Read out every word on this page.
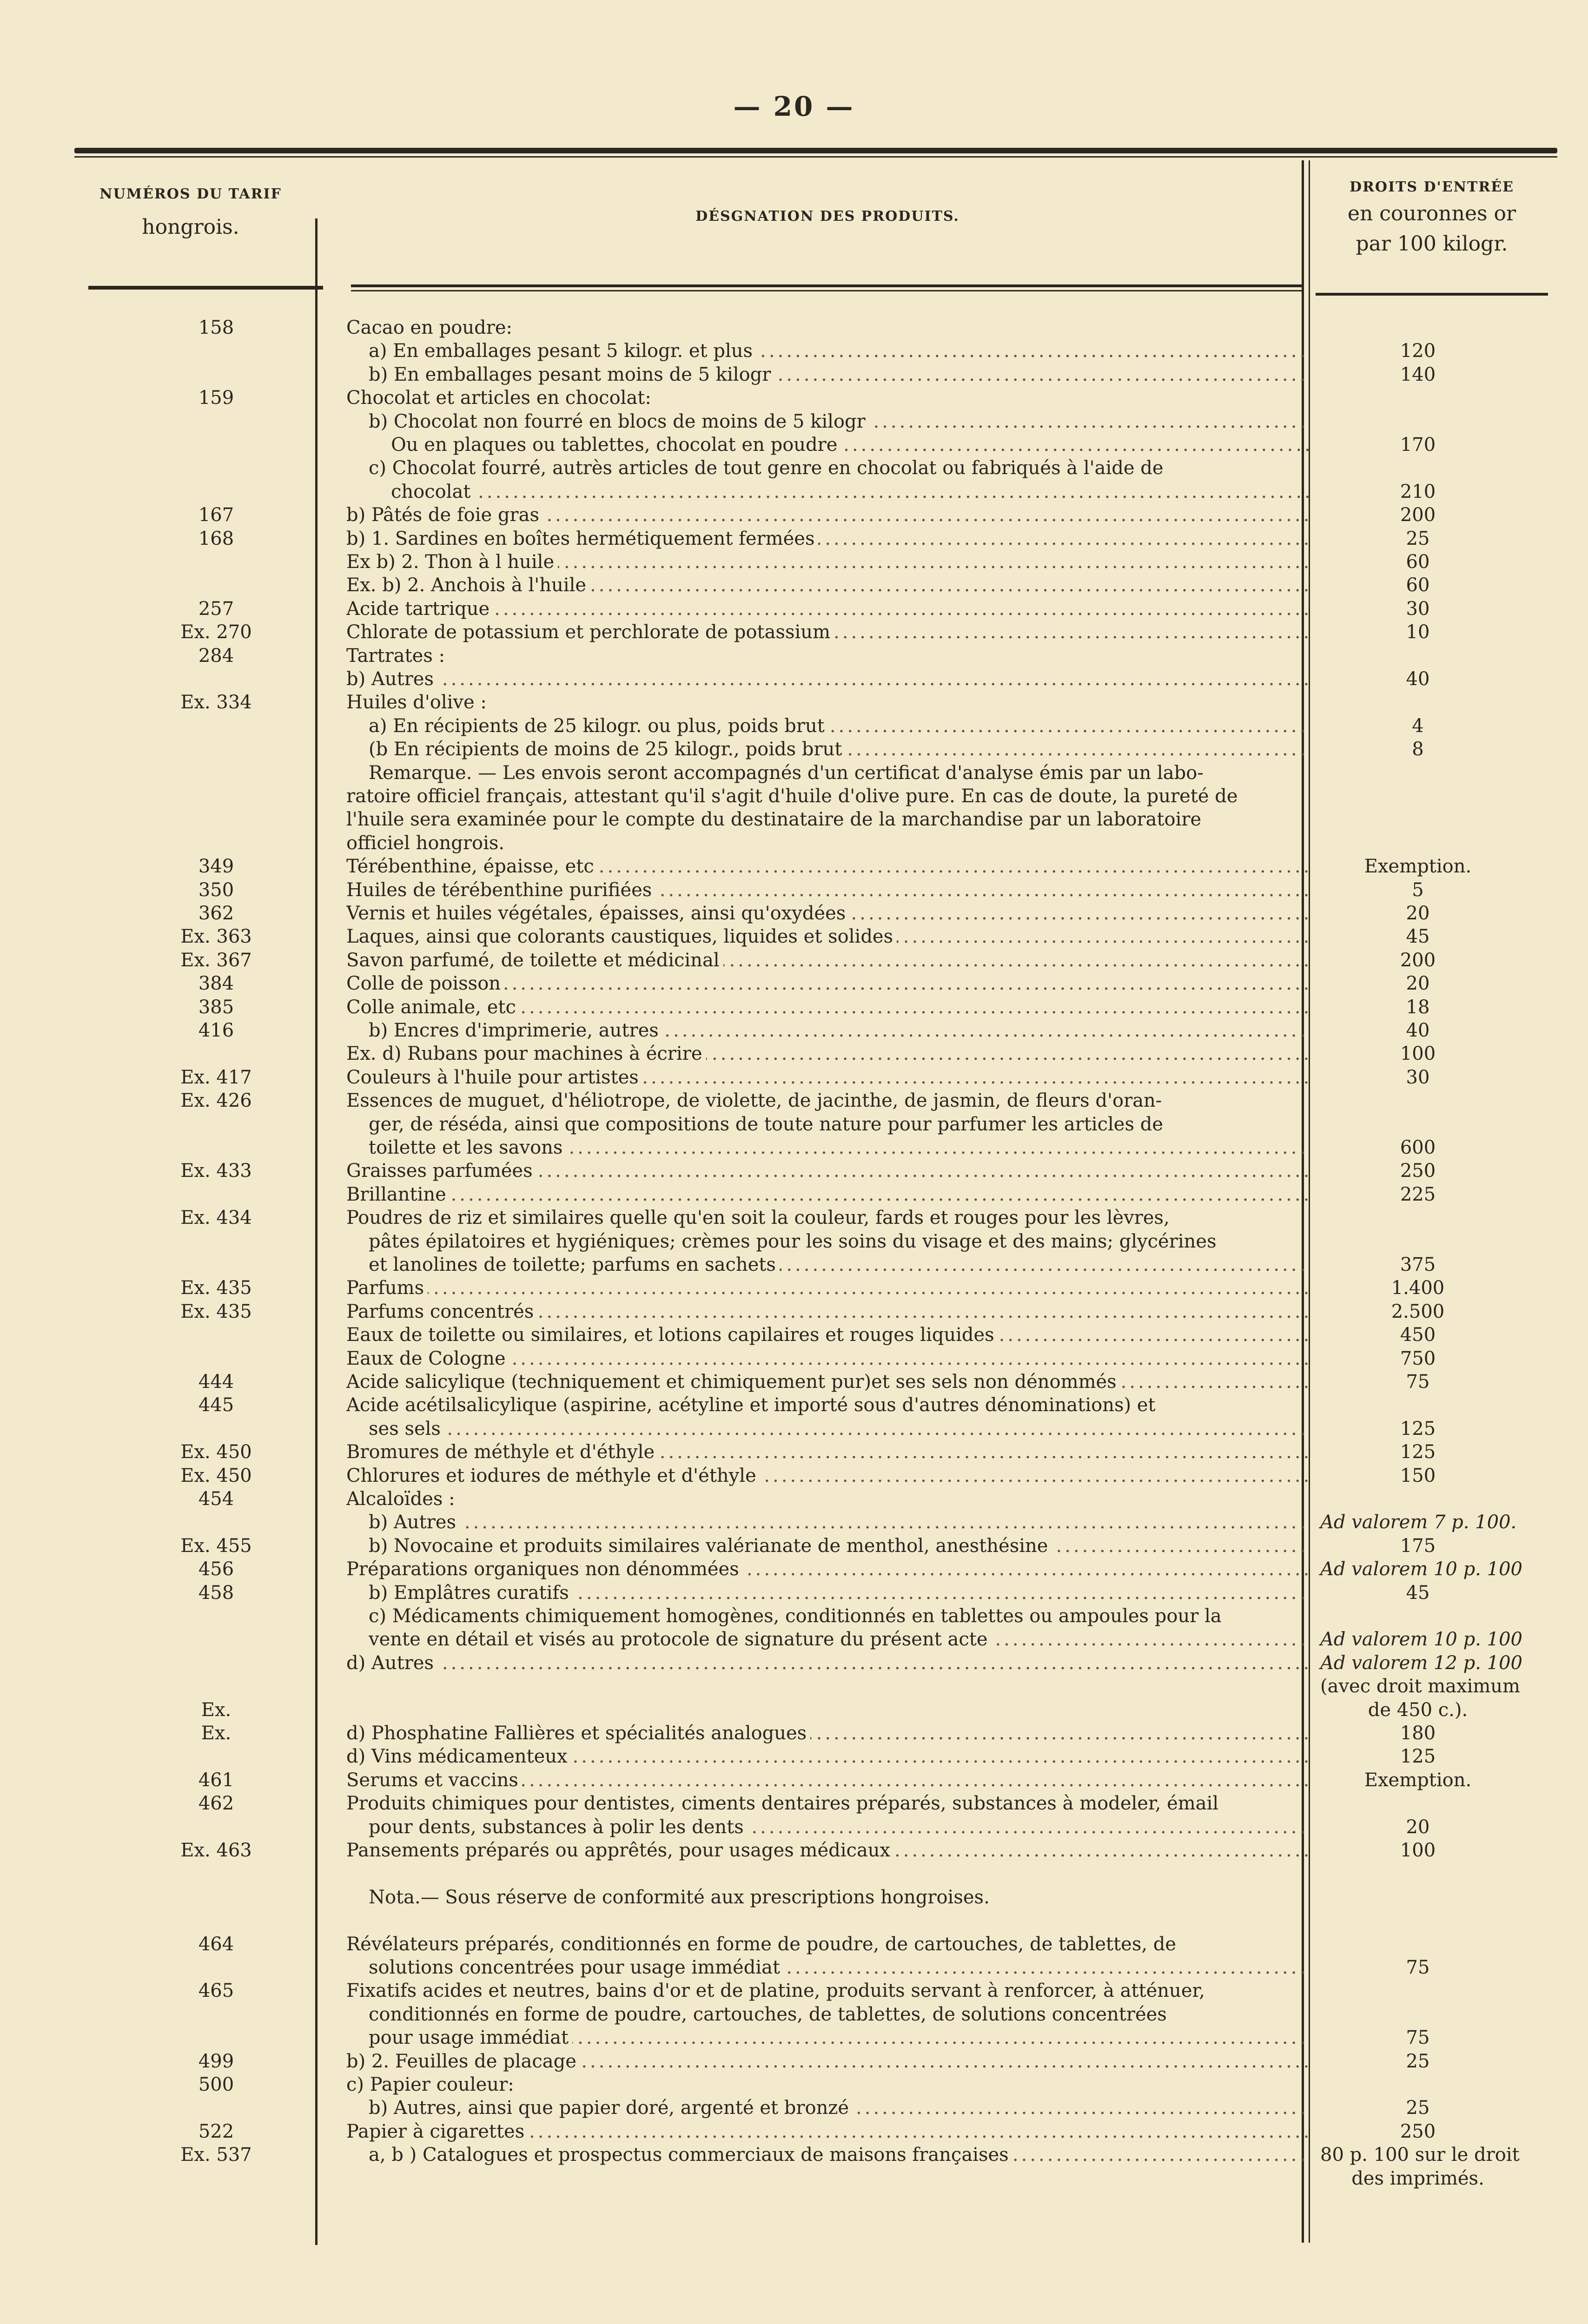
— 20 —
NUMÉROS DU TARIF
hongrois.	DÉSGNATION DES PRODUITS.
DROITS D'ENTRÉE
en couronnes or
par 100 kilogr.
158	Cacao en poudre:
a) En emballages pesant 5 kilogr. et plus .....	120
b) En emballages pesant moins de 5 kilogr .....	140
159	Chocolat et articles en chocolat:
b) Chocolat non fourré en blocs de moins de 5 kilogr .....
Ou en plaques ou tablettes, chocolat en poudre .....	170
c) Chocolat fourré, autrès articles de tout genre en chocolat ou fabriqués à l'aide de
chocolat .....	210
167	b) Pâtés de foie gras .....	200
168	b) 1. Sardines en boîtes hermétiquement fermées .....	25
Ex b) 2. Thon à l huile .....	60
Ex. b) 2. Anchois à l'huile .....	60
257	Acide tartrique .....	30
Ex. 270	Chlorate de potassium et perchlorate de potassium .....	10
284	Tartrates :
b) Autres .....	40
Ex. 334	Huiles d'olive :
a) En récipients de 25 kilogr. ou plus, poids brut .....	4
(b En récipients de moins de 25 kilogr., poids brut .....	8
Remarque. — Les envois seront accompagnés d'un certificat d'analyse émis par un labo-
ratoire officiel français, attestant qu'il s'agit d'huile d'olive pure. En cas de doute, la pureté de
l'huile sera examinée pour le compte du destinataire de la marchandise par un laboratoire
officiel hongrois.
349	Térébenthine, épaisse, etc .....	Exemption.
350	Huiles de térébenthine purifiées .....	5
362	Vernis et huiles végétales, épaisses, ainsi qu'oxydées .....	20
Ex. 363	Laques, ainsi que colorants caustiques, liquides et solides .....	45
Ex. 367	Savon parfumé, de toilette et médicinal .....	200
384	Colle de poisson .....	20
385	Colle animale, etc .....	18
416	b) Encres d'imprimerie, autres .....	40
Ex. d) Rubans pour machines à écrire .....	100
Ex. 417	Couleurs à l'huile pour artistes .....	30
Ex. 426	Essences de muguet, d'héliotrope, de violette, de jacinthe, de jasmin, de fleurs d'oran-
ger, de réséda, ainsi que compositions de toute nature pour parfumer les articles de
toilette et les savons .....	600
Ex. 433	Graisses parfumées .....	250
Brillantine .....	225
Ex. 434	Poudres de riz et similaires quelle qu'en soit la couleur, fards et rouges pour les lèvres,
pâtes épilatoires et hygiéniques; crèmes pour les soins du visage et des mains; glycérines
et lanolines de toilette; parfums en sachets .....	375
Ex. 435	Parfums .....	1.400
Ex. 435	Parfums concentrés .....	2.500
Eaux de toilette ou similaires, et lotions capilaires et rouges liquides .....	450
Eaux de Cologne .....	750
444	Acide salicylique (techniquement et chimiquement pur)et ses sels non dénommés .....	75
445	Acide acétilsalicylique (aspirine, acétyline et importé sous d'autres dénominations) et
ses sels .....	125
Ex. 450	Bromures de méthyle et d'éthyle .....	125
Ex. 450	Chlorures et iodures de méthyle et d'éthyle .....	150
454	Alcaloïdes :
b) Autres .....	Ad valorem 7 p. 100.
Ex. 455	b) Novocaine et produits similaires valérianate de menthol, anesthésine .....	175
456	Préparations organiques non dénommées .....	Ad valorem 10 p. 100
458	b) Emplâtres curatifs .....	45
c) Médicaments chimiquement homogènes, conditionnés en tablettes ou ampoules pour la
vente en détail et visés au protocole de signature du présent acte .....	Ad valorem 10 p. 100
d) Autres .....	Ad valorem 12 p. 100
(avec droit maximum
Ex.	de 450 c.).
Ex.	d) Phosphatine Fallières et spécialités analogues .....	180
d) Vins médicamenteux .....	125
461	Serums et vaccins .....	Exemption.
462	Produits chimiques pour dentistes, ciments dentaires préparés, substances à modeler, émail
pour dents, substances à polir les dents .....	20
Ex. 463	Pansements préparés ou apprêtés, pour usages médicaux .....	100
Nota.— Sous réserve de conformité aux prescriptions hongroises.
464	Révélateurs préparés, conditionnés en forme de poudre, de cartouches, de tablettes, de
solutions concentrées pour usage immédiat .....	75
465	Fixatifs acides et neutres, bains d'or et de platine, produits servant à renforcer, à atténuer,
conditionnés en forme de poudre, cartouches, de tablettes, de solutions concentrées
pour usage immédiat .....	75
499	b) 2. Feuilles de placage .....	25
500	c) Papier couleur:
b) Autres, ainsi que papier doré, argenté et bronzé .....	25
522	Papier à cigarettes .....	250
Ex. 537	a, b ) Catalogues et prospectus commerciaux de maisons françaises .....	80 p. 100 sur le droit
des imprimés.
